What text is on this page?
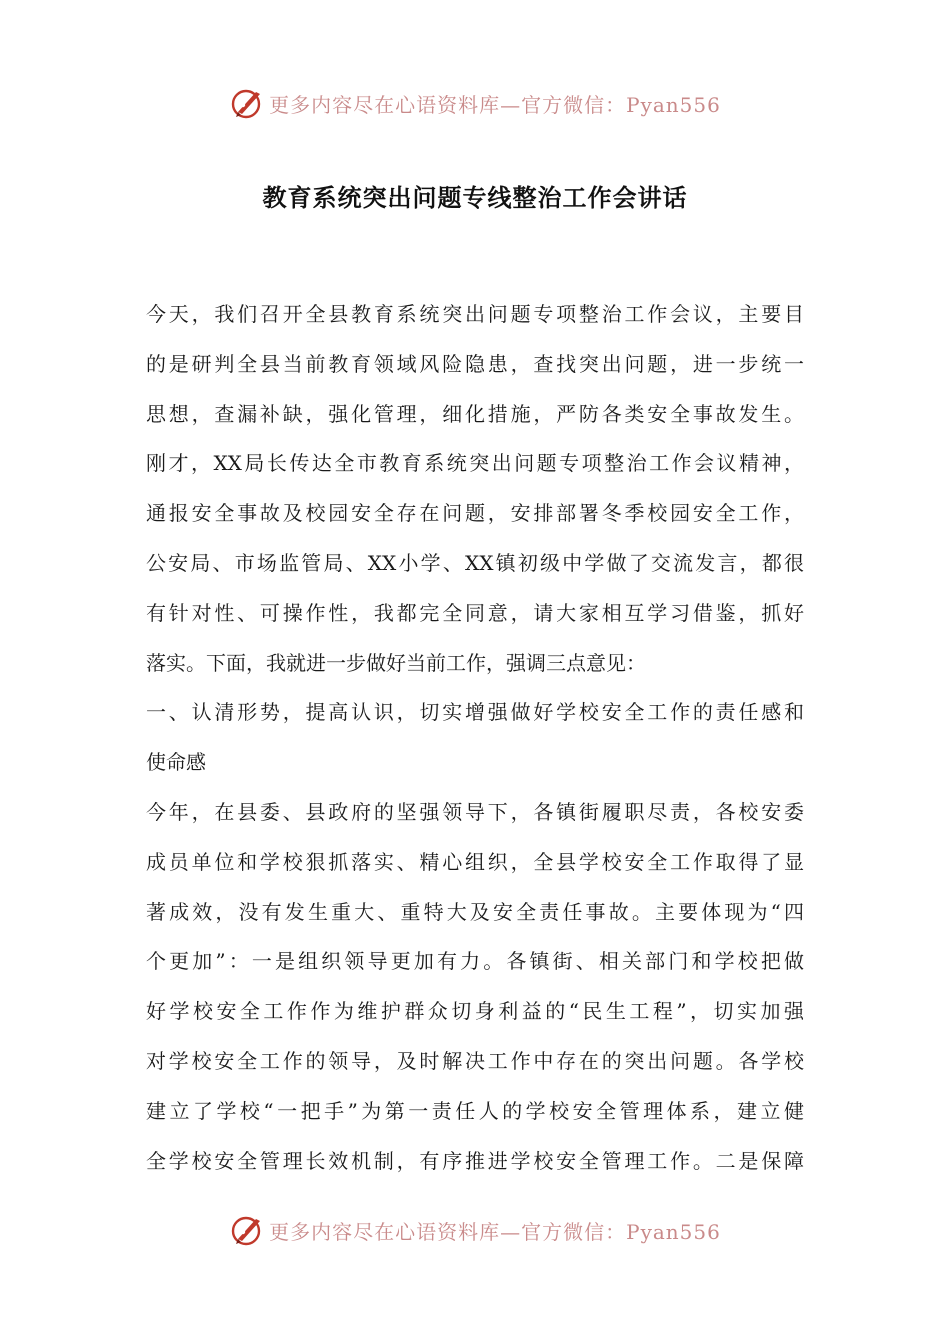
更多内容尽在心语资料库—官方微信：Pyan556
教育系统突出问题专线整治工作会讲话
今天，我们召开全县教育系统突出问题专项整治工作会议，主要目
的是研判全县当前教育领域风险隐患，查找突出问题，进一步统一
思想，查漏补缺，强化管理，细化措施，严防各类安全事故发生。
刚才，XX局长传达全市教育系统突出问题专项整治工作会议精神，
通报安全事故及校园安全存在问题，安排部署冬季校园安全工作，
公安局、市场监管局、XX小学、XX镇初级中学做了交流发言，都很
有针对性、可操作性，我都完全同意，请大家相互学习借鉴，抓好
落实。下面，我就进一步做好当前工作，强调三点意见：
一、认清形势，提高认识，切实增强做好学校安全工作的责任感和
使命感
今年，在县委、县政府的坚强领导下，各镇街履职尽责，各校安委
成员单位和学校狠抓落实、精心组织，全县学校安全工作取得了显
著成效，没有发生重大、重特大及安全责任事故。主要体现为“四
个更加”：一是组织领导更加有力。各镇街、相关部门和学校把做
好学校安全工作作为维护群众切身利益的“民生工程”，切实加强
对学校安全工作的领导，及时解决工作中存在的突出问题。各学校
建立了学校“一把手”为第一责任人的学校安全管理体系，建立健
全学校安全管理长效机制，有序推进学校安全管理工作。二是保障
更多内容尽在心语资料库—官方微信：Pyan556
